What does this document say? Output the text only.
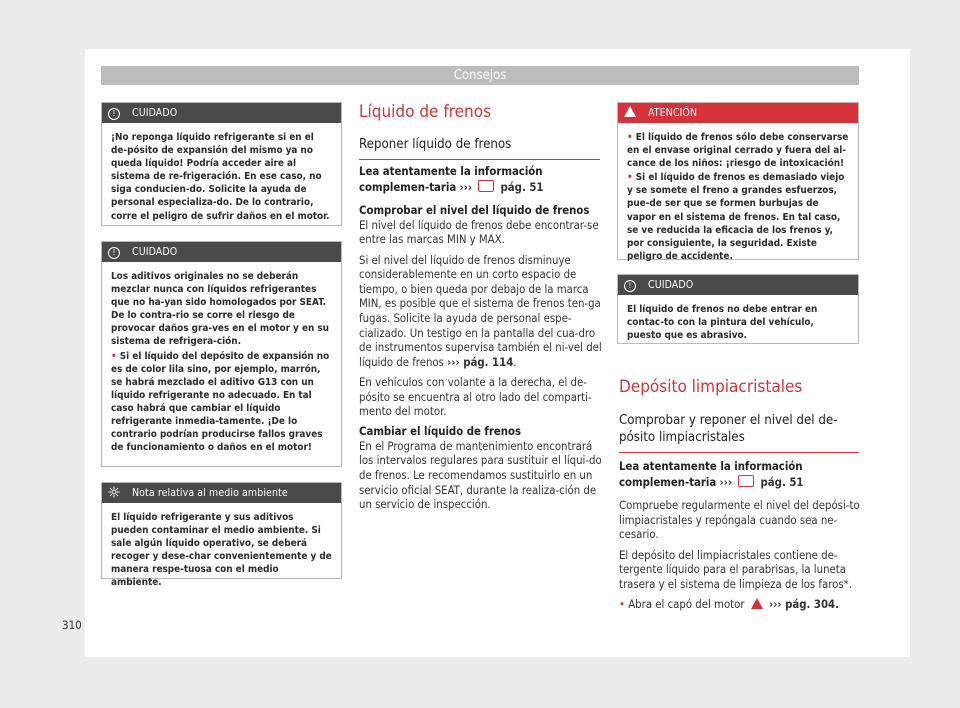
Consejos
!	CUIDADO

¡No reponga líquido refrigerante si en el de-pósito de expansión del mismo ya no queda líquido! Podría acceder aire al sistema de re-frigeración. En ese caso, no siga conducien-do. Solicite la ayuda de personal especializa-do. De lo contrario, corre el peligro de sufrir daños en el motor.

!	CUIDADO

Los aditivos originales no se deberán mezclar nunca con líquidos refrigerantes que no ha-yan sido homologados por SEAT. De lo contra-rio se corre el riesgo de provocar daños gra-ves en el motor y en su sistema de refrigera-ción.

• Si el líquido del depósito de expansión no es de color lila sino, por ejemplo, marrón, se habrá mezclado el aditivo G13 con un líquido refrigerante no adecuado. En tal caso habrá que cambiar el líquido refrigerante inmedia-tamente. ¡De lo contrario podrían producirse fallos graves de funcionamiento o daños en el motor!

Nota relativa al medio ambiente

El líquido refrigerante y sus aditivos pueden contaminar el medio ambiente. Si sale algún líquido operativo, se deberá recoger y dese-char convenientemente y de manera respe-tuosa con el medio ambiente.

Líquido de frenos
Reponer líquido de frenos

Lea atentamente la información complemen-taria ›››	pág. 51

Comprobar el nivel del líquido de frenos

El nivel del líquido de frenos debe encontrar-se entre las marcas MIN y MAX.

Si el nivel del líquido de frenos disminuye considerablemente en un corto espacio de tiempo, o bien queda por debajo de la marca MIN, es posible que el sistema de frenos ten-ga fugas. Solicite la ayuda de personal espe-cializado. Un testigo en la pantalla del cua-dro de instrumentos supervisa también el ni-vel del líquido de frenos ››› pág. 114.

En vehículos con volante a la derecha, el de-pósito se encuentra al otro lado del comparti-mento del motor.

Cambiar el líquido de frenos

En el Programa de mantenimiento encontrará los intervalos regulares para sustituir el líqui-do de frenos. Le recomendamos sustituirlo en un servicio oficial SEAT, durante la realiza-ción de un servicio de inspección.

ATENCIÓN

• El líquido de frenos sólo debe conservarse en el envase original cerrado y fuera del al-cance de los niños: ¡riesgo de intoxicación!

• Si el líquido de frenos es demasiado viejo y se somete el freno a grandes esfuerzos, pue-de ser que se formen burbujas de vapor en el sistema de frenos. En tal caso, se ve reducida la eficacia de los frenos y, por consiguiente, la seguridad. Existe peligro de accidente.

!	CUIDADO

El líquido de frenos no debe entrar en contac-to con la pintura del vehículo, puesto que es abrasivo.

Depósito limpiacristales
Comprobar y reponer el nivel del de-pósito limpiacristales

Lea atentamente la información complemen-taria ›››	pág. 51

Compruebe regularmente el nivel del depósi-to limpiacristales y repóngala cuando sea ne-cesario.

El depósito del limpiacristales contiene de-tergente líquido para el parabrisas, la luneta trasera y el sistema de limpieza de los faros*.

• Abra el capó del motor ››› pág. 304.

310
